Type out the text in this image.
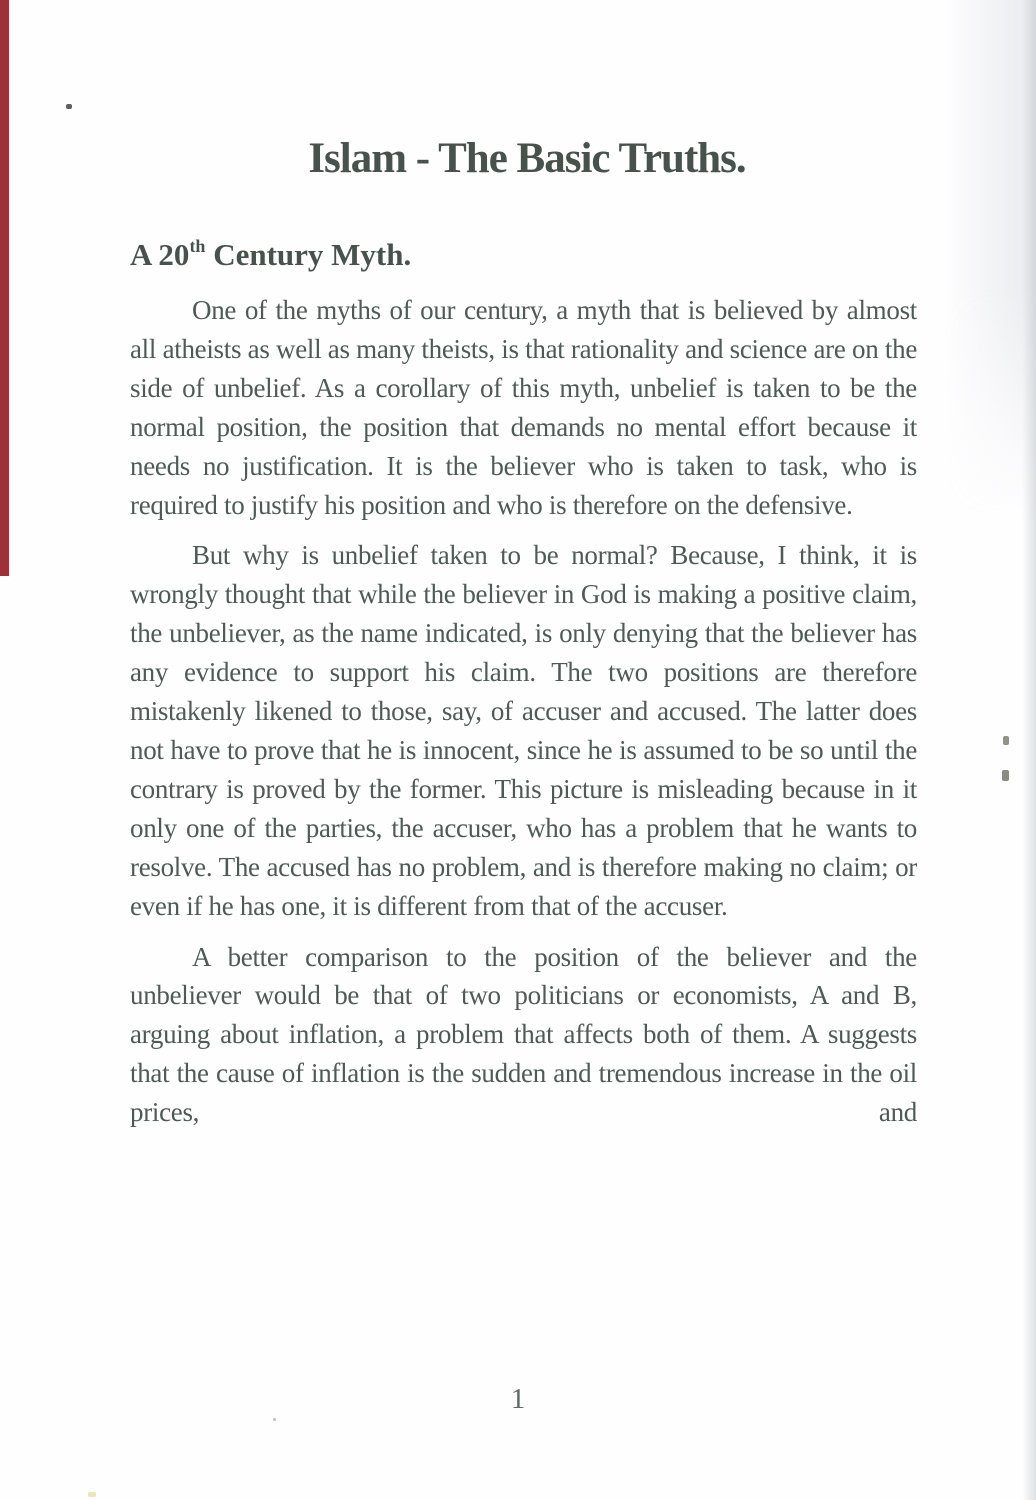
Islam - The Basic Truths.
A 20th Century Myth.

One of the myths of our century, a myth that is believed by almost all atheists as well as many theists, is that rationality and science are on the side of unbelief. As a corollary of this myth, unbelief is taken to be the normal position, the position that demands no mental effort because it needs no justification. It is the believer who is taken to task, who is required to justify his position and who is therefore on the defensive.

But why is unbelief taken to be normal? Because, I think, it is wrongly thought that while the believer in God is making a positive claim, the unbeliever, as the name indicated, is only denying that the believer has any evidence to support his claim. The two positions are therefore mistakenly likened to those, say, of accuser and accused. The latter does not have to prove that he is innocent, since he is assumed to be so until the contrary is proved by the former. This picture is misleading because in it only one of the parties, the accuser, who has a problem that he wants to resolve. The accused has no problem, and is therefore making no claim; or even if he has one, it is different from that of the accuser.

A better comparison to the position of the believer and the unbeliever would be that of two politicians or economists, A and B, arguing about inflation, a problem that affects both of them. A suggests that the cause of inflation is the sudden and tremendous increase in the oil prices, and

1
